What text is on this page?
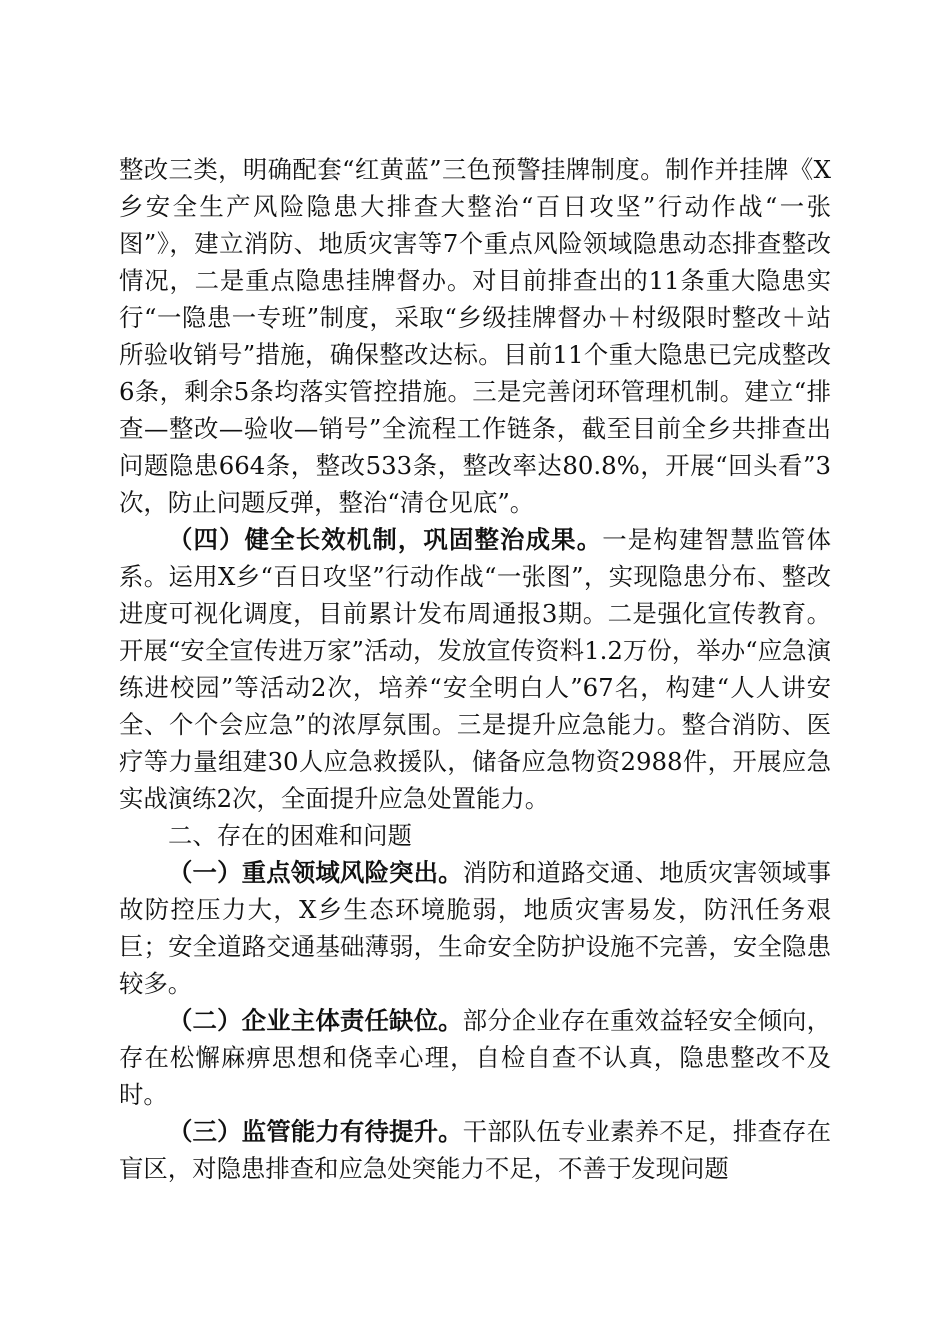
整改三类，明确配套“红黄蓝”三色预警挂牌制度。制作并挂牌《X乡安全生产风险隐患大排查大整治“百日攻坚”行动作战“一张图”》，建立消防、地质灾害等7个重点风险领域隐患动态排查整改情况，二是重点隐患挂牌督办。对目前排查出的11条重大隐患实行“一隐患一专班”制度，采取“乡级挂牌督办＋村级限时整改＋站所验收销号”措施，确保整改达标。目前11个重大隐患已完成整改6条，剩余5条均落实管控措施。三是完善闭环管理机制。建立“排查—整改—验收—销号”全流程工作链条，截至目前全乡共排查出问题隐患664条，整改533条，整改率达80.8%，开展“回头看”3次，防止问题反弹，整治“清仓见底”。

（四）健全长效机制，巩固整治成果。一是构建智慧监管体系。运用X乡“百日攻坚”行动作战“一张图”，实现隐患分布、整改进度可视化调度，目前累计发布周通报3期。二是强化宣传教育。开展“安全宣传进万家”活动，发放宣传资料1.2万份，举办“应急演练进校园”等活动2次，培养“安全明白人”67名，构建“人人讲安全、个个会应急”的浓厚氛围。三是提升应急能力。整合消防、医疗等力量组建30人应急救援队，储备应急物资2988件，开展应急实战演练2次，全面提升应急处置能力。

二、存在的困难和问题

（一）重点领域风险突出。消防和道路交通、地质灾害领域事故防控压力大，X乡生态环境脆弱，地质灾害易发，防汛任务艰巨；安全道路交通基础薄弱，生命安全防护设施不完善，安全隐患较多。

（二）企业主体责任缺位。部分企业存在重效益轻安全倾向，存在松懈麻痹思想和侥幸心理，自检自查不认真，隐患整改不及时。

（三）监管能力有待提升。干部队伍专业素养不足，排查存在盲区，对隐患排查和应急处突能力不足，不善于发现问题
